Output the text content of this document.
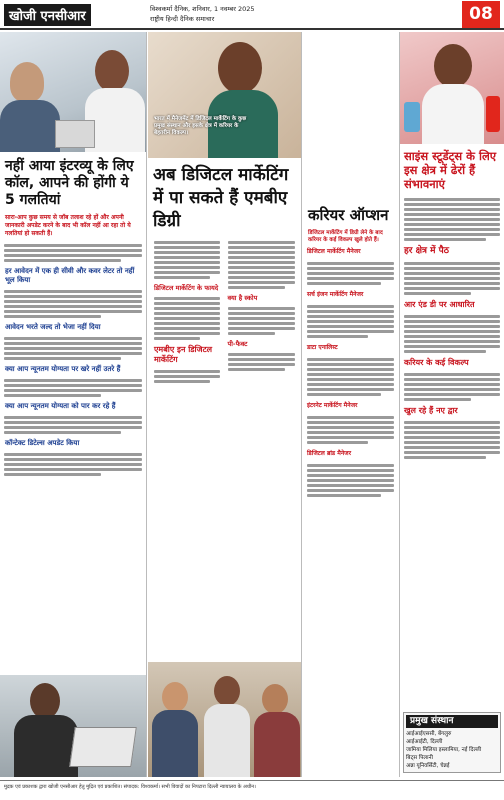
खोजी एनसीआर	विश्वकर्मा दैनिक, शनिवार, 1 नवम्बर 2025
राष्ट्रीय हिन्दी दैनिक समाचार	08
नहीं आया इंटरव्यू के लिए कॉल, आपने की होंगी ये 5 गलतियां
सारा-आप कुछ समय से जॉब तलाश रहे हों और अपनी जानकारी अपडेट करने के बाद भी कॉल नहीं आ रहा तो ये गलतियां हो सकती हैं।
हर आवेदन में एक ही सीवी और कवर लेटर तो नहीं भूल किया
आवेदन भरते जल्द तो भेजा नहीं दिया
क्या आप न्यूनतम योग्यता पर खरे नहीं उतरे हैं
क्या आप न्यूनतम योग्यता को पार कर रहे हैं
कॉन्टेक्ट डिटेल्स अपडेट किया
भारत में मैनेजमेंट में डिजिटल मार्केटिंग के कुछ प्रमुख संस्थान और इसके क्षेत्र में करियर के बेहतरीन विकल्प।
अब डिजिटल मार्केटिंग में पा सकते हैं एमबीए डिग्री
डिजिटल मार्केटिंग के फायदे
एमबीए इन डिजिटल मार्केटिंग
क्या है स्कोप
पी-फैक्ट
करियर ऑप्शन
डिजिटल मार्केटिंग में डिग्री लेने के बाद करियर के कई विकल्प खुले होते हैं।
डिजिटल मार्केटिंग मैनेजर
सर्च इंजन मार्केटिंग मैनेजर
डाटा एनालिस्ट
इंटरनेट मार्केटिंग मैनेजर
डिजिटल ब्रांड मैनेजर
साइंस स्टूडेंट्स के लिए इस क्षेत्र में ढेरों हैं संभावनाएं
हर क्षेत्र में पैठ
आर एंड डी पर आधारित
करियर के कई विकल्प
खुल रहे हैं नए द्वार
प्रमुख संस्थान
आईआईएससी, बेंगलुरु
आईआईटी, दिल्ली
जामिया मिलिया इस्लामिया, नई दिल्ली
बिट्स पिलानी
अन्ना यूनिवर्सिटी, चेन्नई
मुद्रक एवं प्रकाशक द्वारा खोजी एनसीआर हेतु मुद्रित एवं प्रकाशित। संपादक: विश्वकर्मा। सभी विवादों का निपटारा दिल्ली न्यायालय के अधीन।
